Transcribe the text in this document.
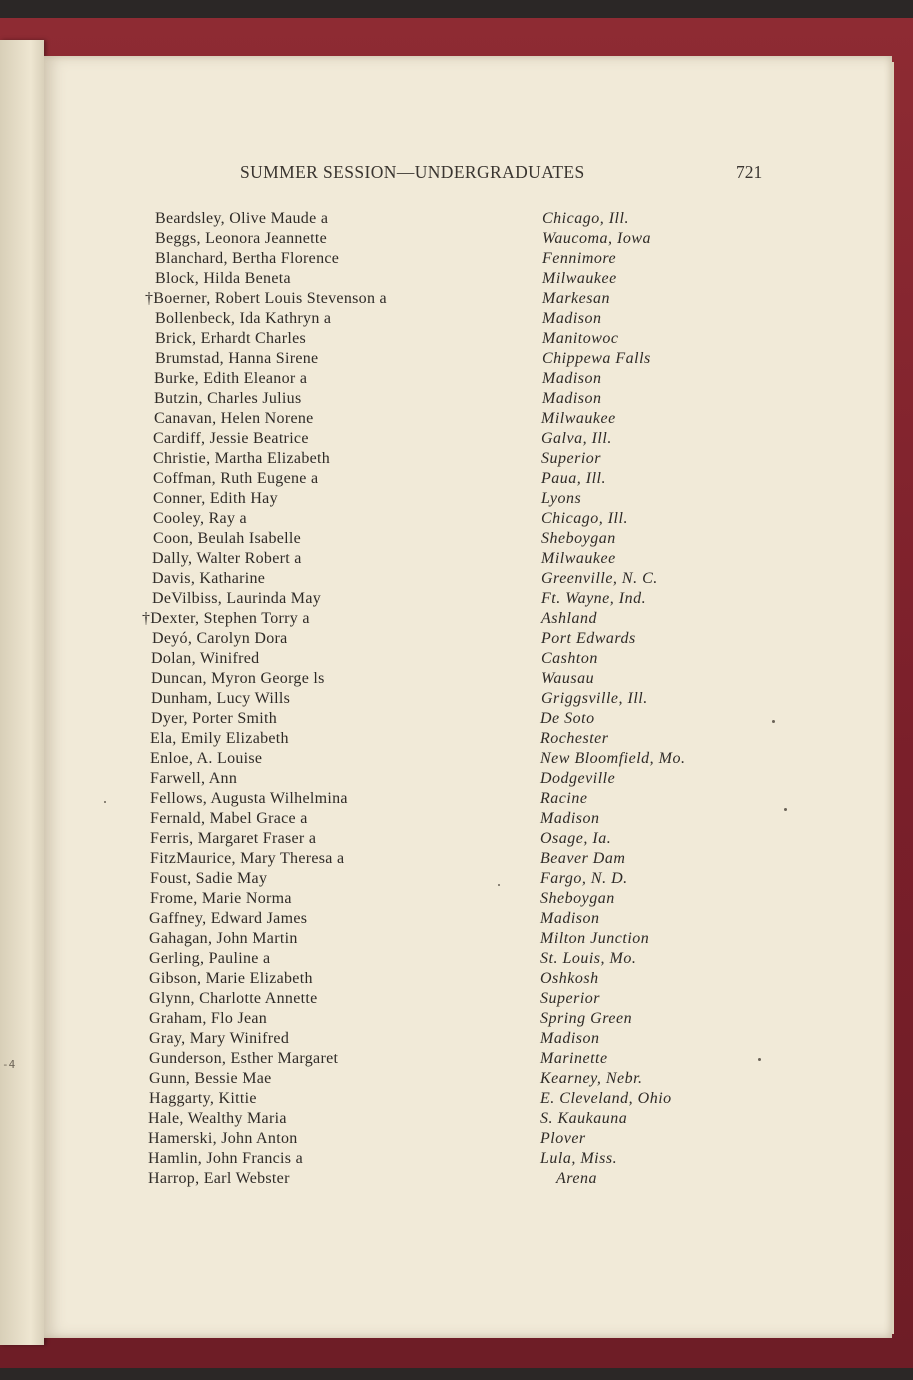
-4
SUMMER SESSION—UNDERGRADUATES	721
Beardsley, Olive Maude a
Beggs, Leonora Jeannette
Blanchard, Bertha Florence
Block, Hilda Beneta
†Boerner, Robert Louis Stevenson a
Bollenbeck, Ida Kathryn a
Brick, Erhardt Charles
Brumstad, Hanna Sirene
Burke, Edith Eleanor a
Butzin, Charles Julius
Canavan, Helen Norene
Cardiff, Jessie Beatrice
Christie, Martha Elizabeth
Coffman, Ruth Eugene a
Conner, Edith Hay
Cooley, Ray a
Coon, Beulah Isabelle
Dally, Walter Robert a
Davis, Katharine
DeVilbiss, Laurinda May
†Dexter, Stephen Torry a
Deyó, Carolyn Dora
Dolan, Winifred
Duncan, Myron George ls
Dunham, Lucy Wills
Dyer, Porter Smith
Ela, Emily Elizabeth
Enloe, A. Louise
Farwell, Ann
Fellows, Augusta Wilhelmina
Fernald, Mabel Grace a
Ferris, Margaret Fraser a
FitzMaurice, Mary Theresa a
Foust, Sadie May
Frome, Marie Norma
Gaffney, Edward James
Gahagan, John Martin
Gerling, Pauline a
Gibson, Marie Elizabeth
Glynn, Charlotte Annette
Graham, Flo Jean
Gray, Mary Winifred
Gunderson, Esther Margaret
Gunn, Bessie Mae
Haggarty, Kittie
Hale, Wealthy Maria
Hamerski, John Anton
Hamlin, John Francis a
Harrop, Earl Webster
Chicago, Ill.
Waucoma, Iowa
Fennimore
Milwaukee
Markesan
Madison
Manitowoc
Chippewa Falls
Madison
Madison
Milwaukee
Galva, Ill.
Superior
Paua, Ill.
Lyons
Chicago, Ill.
Sheboygan
Milwaukee
Greenville, N. C.
Ft. Wayne, Ind.
Ashland
Port Edwards
Cashton
Wausau
Griggsville, Ill.
De Soto
Rochester
New Bloomfield, Mo.
Dodgeville
Racine
Madison
Osage, Ia.
Beaver Dam
Fargo, N. D.
Sheboygan
Madison
Milton Junction
St. Louis, Mo.
Oshkosh
Superior
Spring Green
Madison
Marinette
Kearney, Nebr.
E. Cleveland, Ohio
S. Kaukauna
Plover
Lula, Miss.
Arena
